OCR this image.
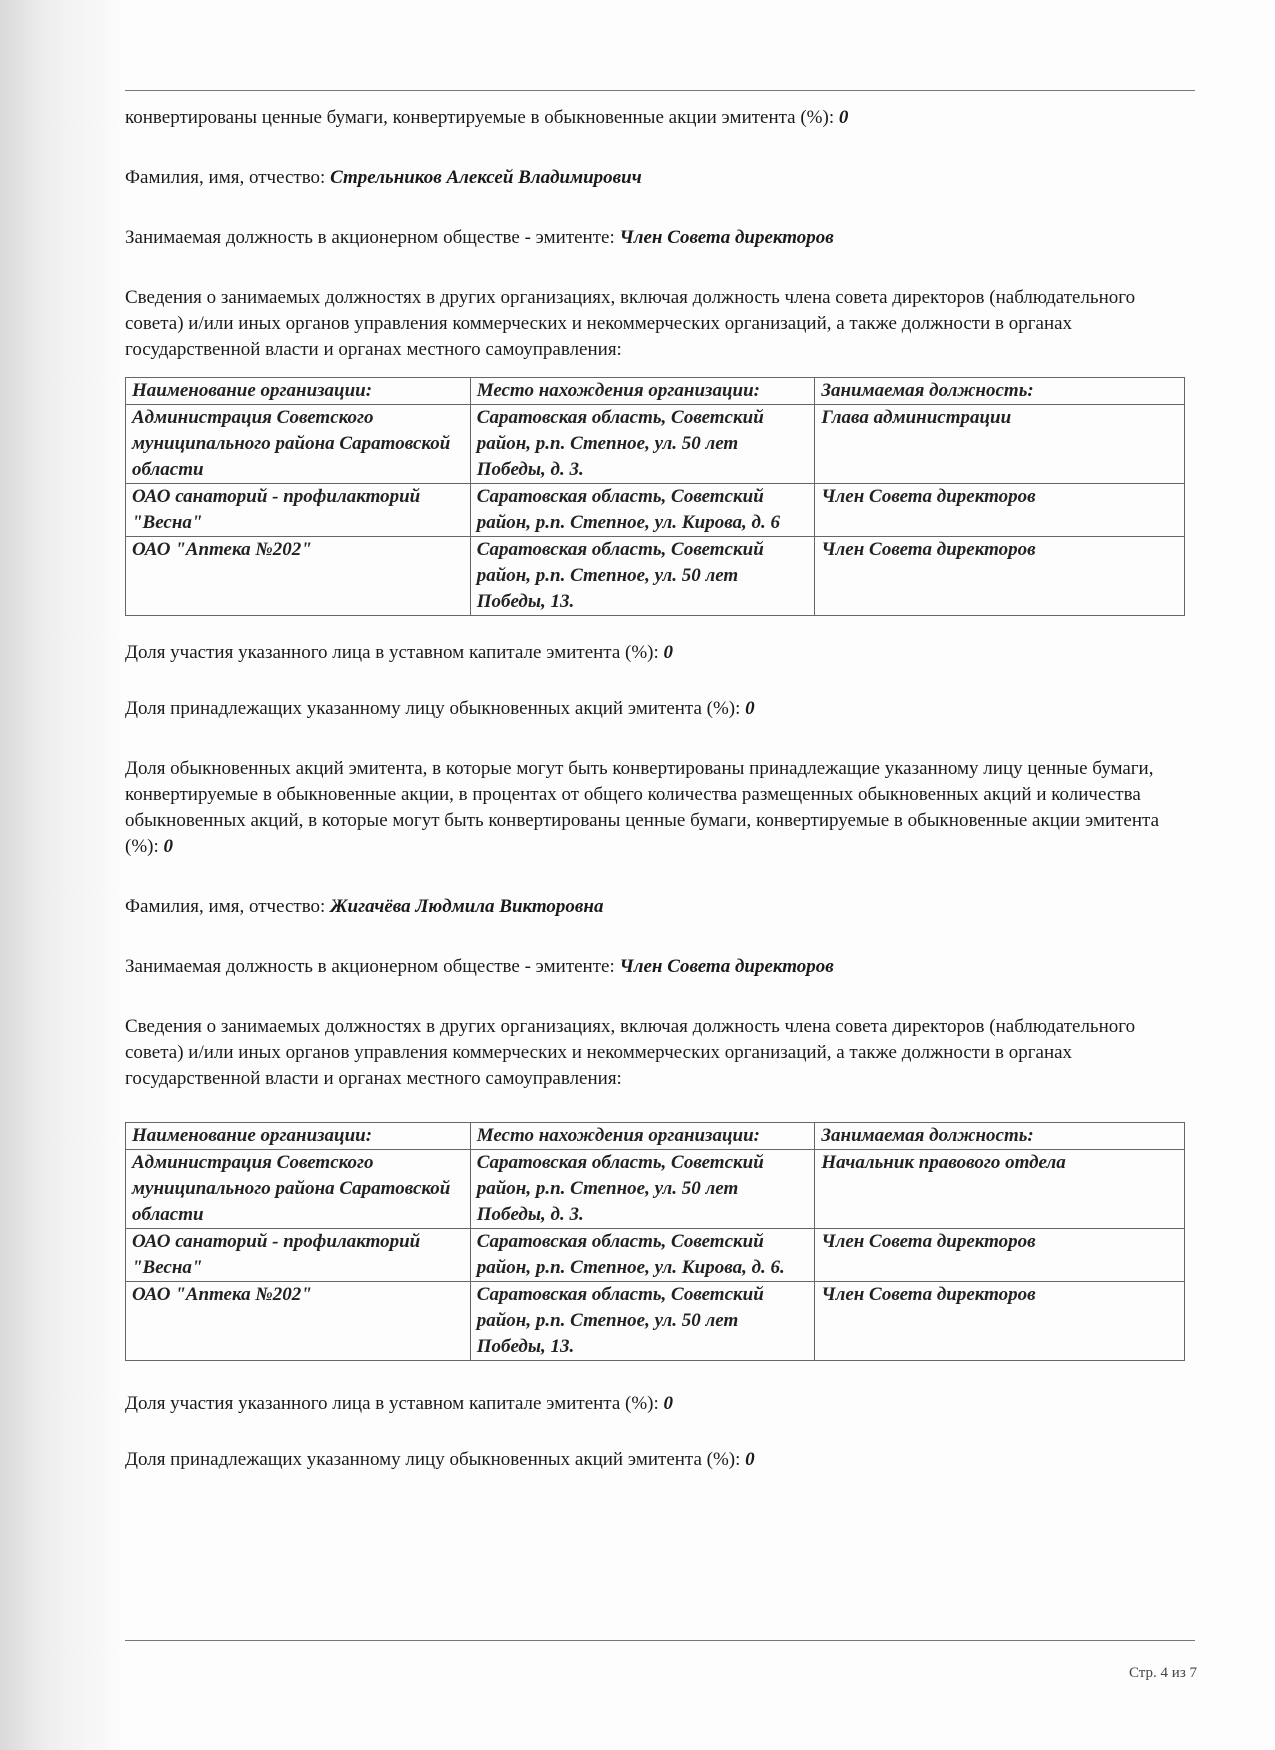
конвертированы ценные бумаги, конвертируемые в обыкновенные акции эмитента (%): 0

Фамилия, имя, отчество: Стрельников Алексей Владимирович

Занимаемая должность в акционерном обществе - эмитенте: Член Совета директоров

Сведения о занимаемых должностях в других организациях, включая должность члена совета директоров (наблюдательного совета) и/или иных органов управления коммерческих и некоммерческих организаций, а также должности в органах государственной власти и органах местного самоуправления:

Наименование организации:	Место нахождения организации:	Занимаемая должность:
Администрация Советского муниципального района Саратовской области	Саратовская область, Советский район, р.п. Степное, ул. 50 лет Победы, д. 3.	Глава администрации
ОАО санаторий - профилакторий "Весна"	Саратовская область, Советский район, р.п. Степное, ул. Кирова, д. 6	Член Совета директоров
ОАО "Аптека №202"	Саратовская область, Советский район, р.п. Степное, ул. 50 лет Победы, 13.	Член Совета директоров

Доля участия указанного лица в уставном капитале эмитента (%): 0

Доля принадлежащих указанному лицу обыкновенных акций эмитента (%): 0

Доля обыкновенных акций эмитента, в которые могут быть конвертированы принадлежащие указанному лицу ценные бумаги, конвертируемые в обыкновенные акции, в процентах от общего количества размещенных обыкновенных акций и количества обыкновенных акций, в которые могут быть конвертированы ценные бумаги, конвертируемые в обыкновенные акции эмитента (%): 0

Фамилия, имя, отчество: Жигачёва Людмила Викторовна

Занимаемая должность в акционерном обществе - эмитенте: Член Совета директоров

Сведения о занимаемых должностях в других организациях, включая должность члена совета директоров (наблюдательного совета) и/или иных органов управления коммерческих и некоммерческих организаций, а также должности в органах государственной власти и органах местного самоуправления:

Наименование организации:	Место нахождения организации:	Занимаемая должность:
Администрация Советского муниципального района Саратовской области	Саратовская область, Советский район, р.п. Степное, ул. 50 лет Победы, д. 3.	Начальник правового отдела
ОАО санаторий - профилакторий "Весна"	Саратовская область, Советский район, р.п. Степное, ул. Кирова, д. 6.	Член Совета директоров
ОАО "Аптека №202"	Саратовская область, Советский район, р.п. Степное, ул. 50 лет Победы, 13.	Член Совета директоров

Доля участия указанного лица в уставном капитале эмитента (%): 0

Доля принадлежащих указанному лицу обыкновенных акций эмитента (%): 0

Стр. 4 из 7
